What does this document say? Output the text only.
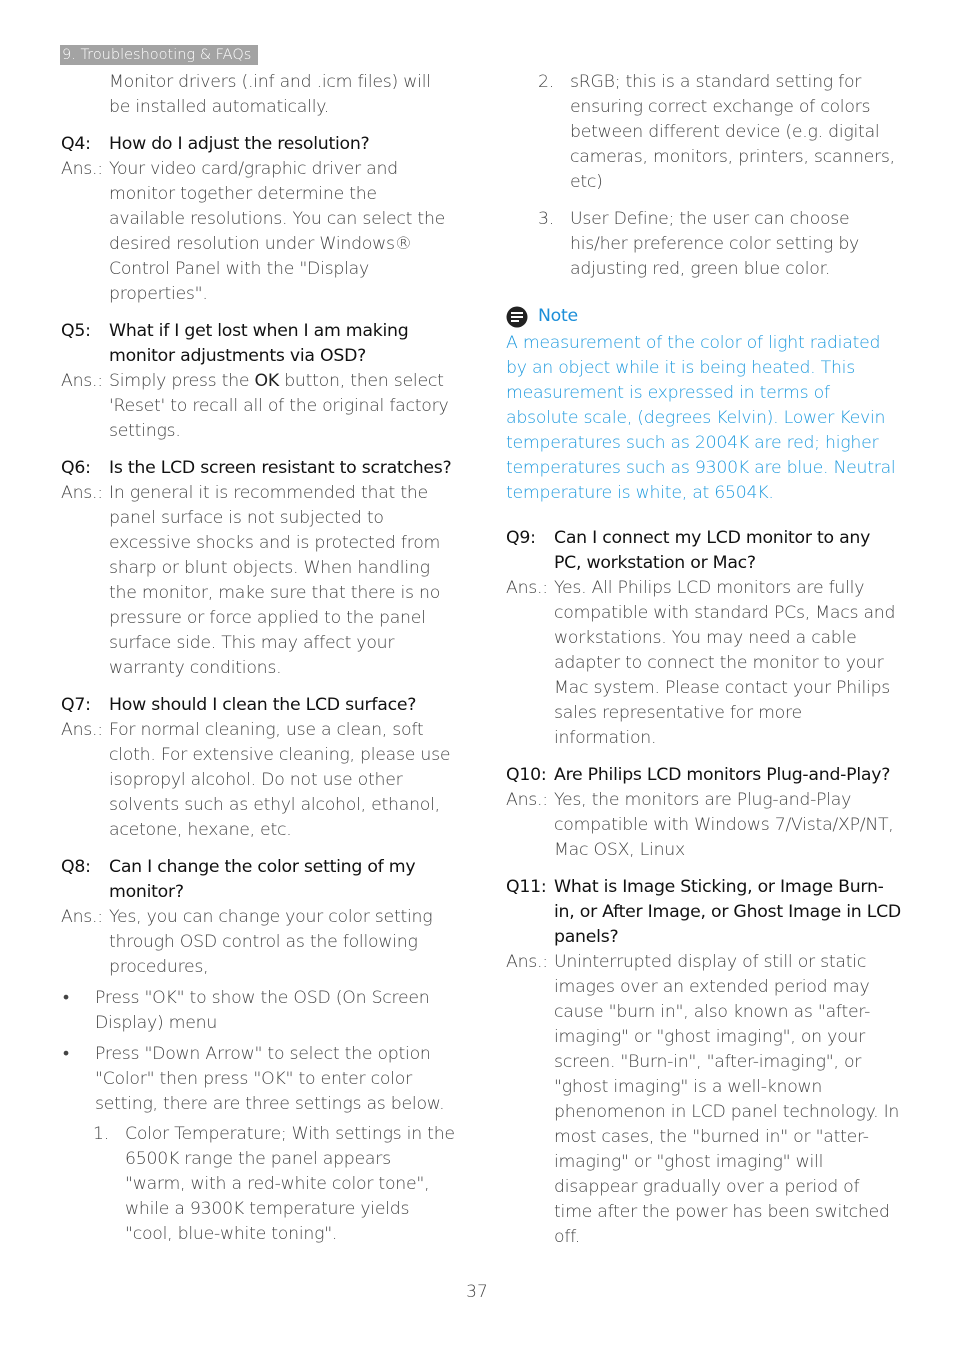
9. Troubleshooting & FAQs

Monitor drivers (.inf and .icm files) will be installed automatically.

Q4:	How do I adjust the resolution?
Ans.: Your video card/graphic driver and monitor together determine the available resolutions. You can select the desired resolution under Windows® Control Panel with the "Display properties".
Q5:	What if I get lost when I am making monitor adjustments via OSD?
Ans.: Simply press the OK button, then select 'Reset' to recall all of the original factory settings.
Q6:	Is the LCD screen resistant to scratches?
Ans.: In general it is recommended that the panel surface is not subjected to excessive shocks and is protected from sharp or blunt objects. When handling the monitor, make sure that there is no pressure or force applied to the panel surface side. This may affect your warranty conditions.
Q7:	How should I clean the LCD surface?
Ans.: For normal cleaning, use a clean, soft cloth. For extensive cleaning, please use isopropyl alcohol. Do not use other solvents such as ethyl alcohol, ethanol, acetone, hexane, etc.
Q8:	Can I change the color setting of my monitor?
Ans.: Yes, you can change your color setting through OSD control as the following procedures,
•	Press "OK" to show the OSD (On Screen Display) menu
•	Press "Down Arrow" to select the option "Color" then press "OK" to enter color setting, there are three settings as below.
1. Color Temperature; With settings in the 6500K range the panel appears "warm, with a red-white color tone", while a 9300K temperature yields "cool, blue-white toning".
2. sRGB; this is a standard setting for ensuring correct exchange of colors between different device (e.g. digital cameras, monitors, printers, scanners, etc)
3. User Define; the user can choose his/her preference color setting by adjusting red, green blue color.
Note

A measurement of the color of light radiated by an object while it is being heated. This measurement is expressed in terms of absolute scale, (degrees Kelvin). Lower Kevin temperatures such as 2004K are red; higher temperatures such as 9300K are blue. Neutral temperature is white, at 6504K.

Q9:	Can I connect my LCD monitor to any PC, workstation or Mac?
Ans.: Yes. All Philips LCD monitors are fully compatible with standard PCs, Macs and workstations. You may need a cable adapter to connect the monitor to your Mac system. Please contact your Philips sales representative for more information.
Q10: Are Philips LCD monitors Plug-and-Play?
Ans.: Yes, the monitors are Plug-and-Play compatible with Windows 7/Vista/XP/NT, Mac OSX, Linux
Q11: What is Image Sticking, or Image Burn-in, or After Image, or Ghost Image in LCD panels?
Ans.: Uninterrupted display of still or static images over an extended period may cause "burn in", also known as "after-imaging" or "ghost imaging", on your screen. "Burn-in", "after-imaging", or "ghost imaging" is a well-known phenomenon in LCD panel technology. In most cases, the "burned in" or "atter-imaging" or "ghost imaging" will disappear gradually over a period of time after the power has been switched off.
37
